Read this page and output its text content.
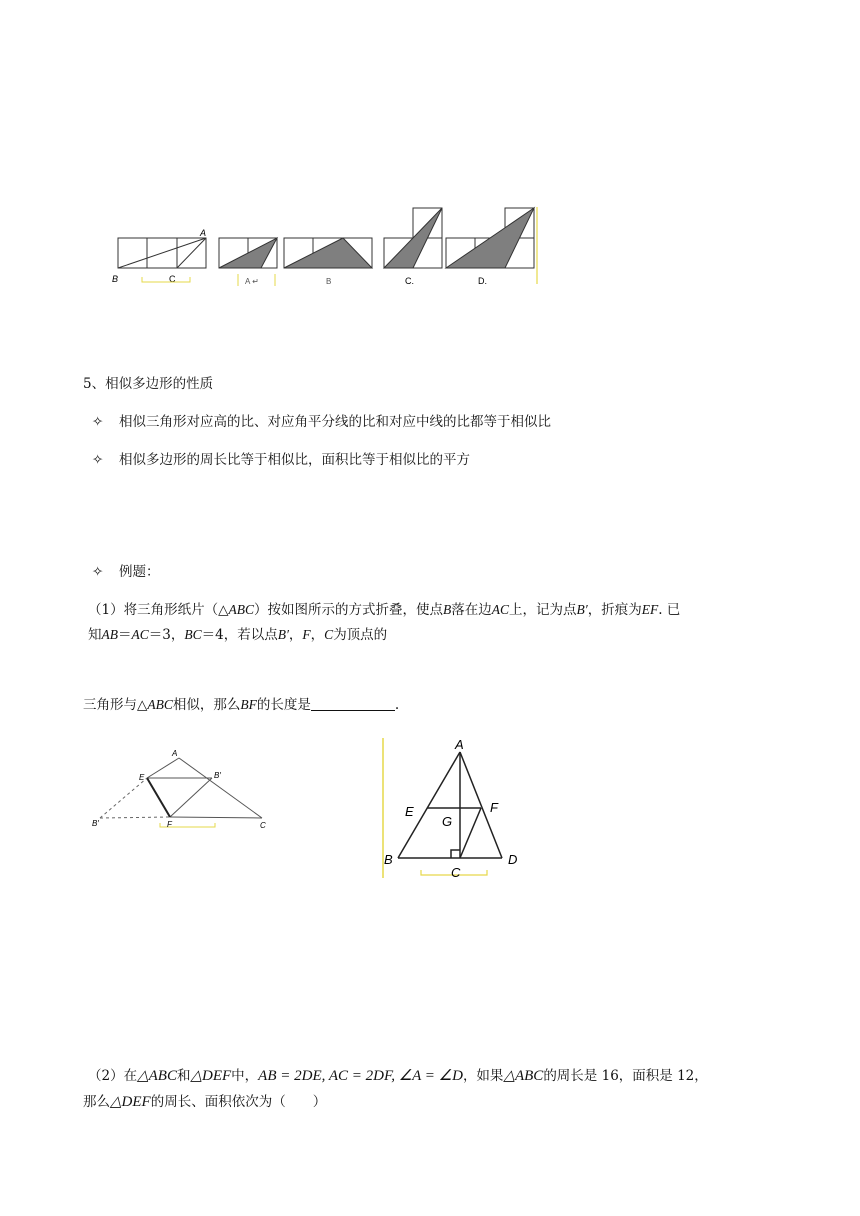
A
B	C	A ↵	B	C.	D.
5、相似多边形的性质
✧ 相似三角形对应高的比、对应角平分线的比和对应中线的比都等于相似比
✧ 相似多边形的周长比等于相似比，面积比等于相似比的平方
✧ 例题：
（1）将三角形纸片（△ABC）按如图所示的方式折叠，使点B落在边AC上，记为点B′，折痕为EF. 已
知AB＝AC＝3，BC＝4，若以点B′，F，C为顶点的
三角形与△ABC相似，那么BF的长度是	.
A
E	B′
B′	F	C
A
E	F
G
B
C
D
（2）在△ABC和△DEF中，AB = 2DE, AC = 2DF, ∠A = ∠D，如果△ABC的周长是 16，面积是 12，
那么△DEF的周长、面积依次为（　　）
